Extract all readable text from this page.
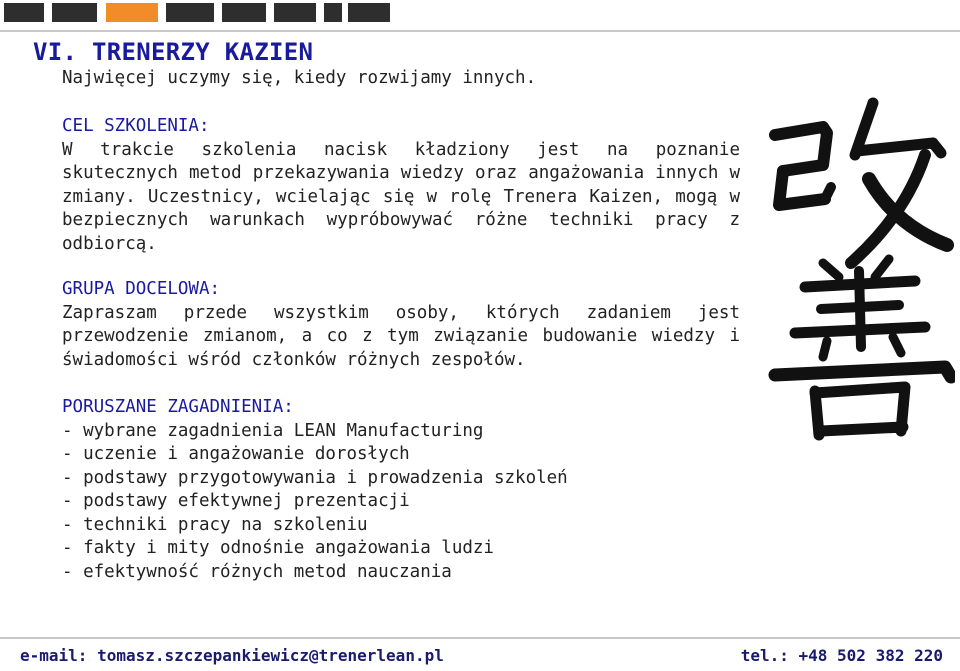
VI. TRENERZY KAZIEN
Najwięcej uczymy się, kiedy rozwijamy innych.
CEL SZKOLENIA:

W trakcie szkolenia nacisk kładziony jest na poznanie skutecznych metod przekazywania wiedzy oraz angażowania innych w zmiany. Uczestnicy, wcielając się w rolę Trenera Kaizen, mogą w bezpiecznych warunkach wypróbowywać różne techniki pracy z odbiorcą.

GRUPA DOCELOWA:

Zapraszam przede wszystkim osoby, których zadaniem jest przewodzenie zmianom, a co z tym związanie budowanie wiedzy i świadomości wśród członków różnych zespołów.

PORUSZANE ZAGADNIENIA:
- wybrane zagadnienia LEAN Manufacturing
- uczenie i angażowanie dorosłych
- podstawy przygotowywania i prowadzenia szkoleń
- podstawy efektywnej prezentacji
- techniki pracy na szkoleniu
- fakty i mity odnośnie angażowania ludzi
- efektywność różnych metod nauczania
e-mail: tomasz.szczepankiewicz@trenerlean.pl	tel.: +48 502 382 220
